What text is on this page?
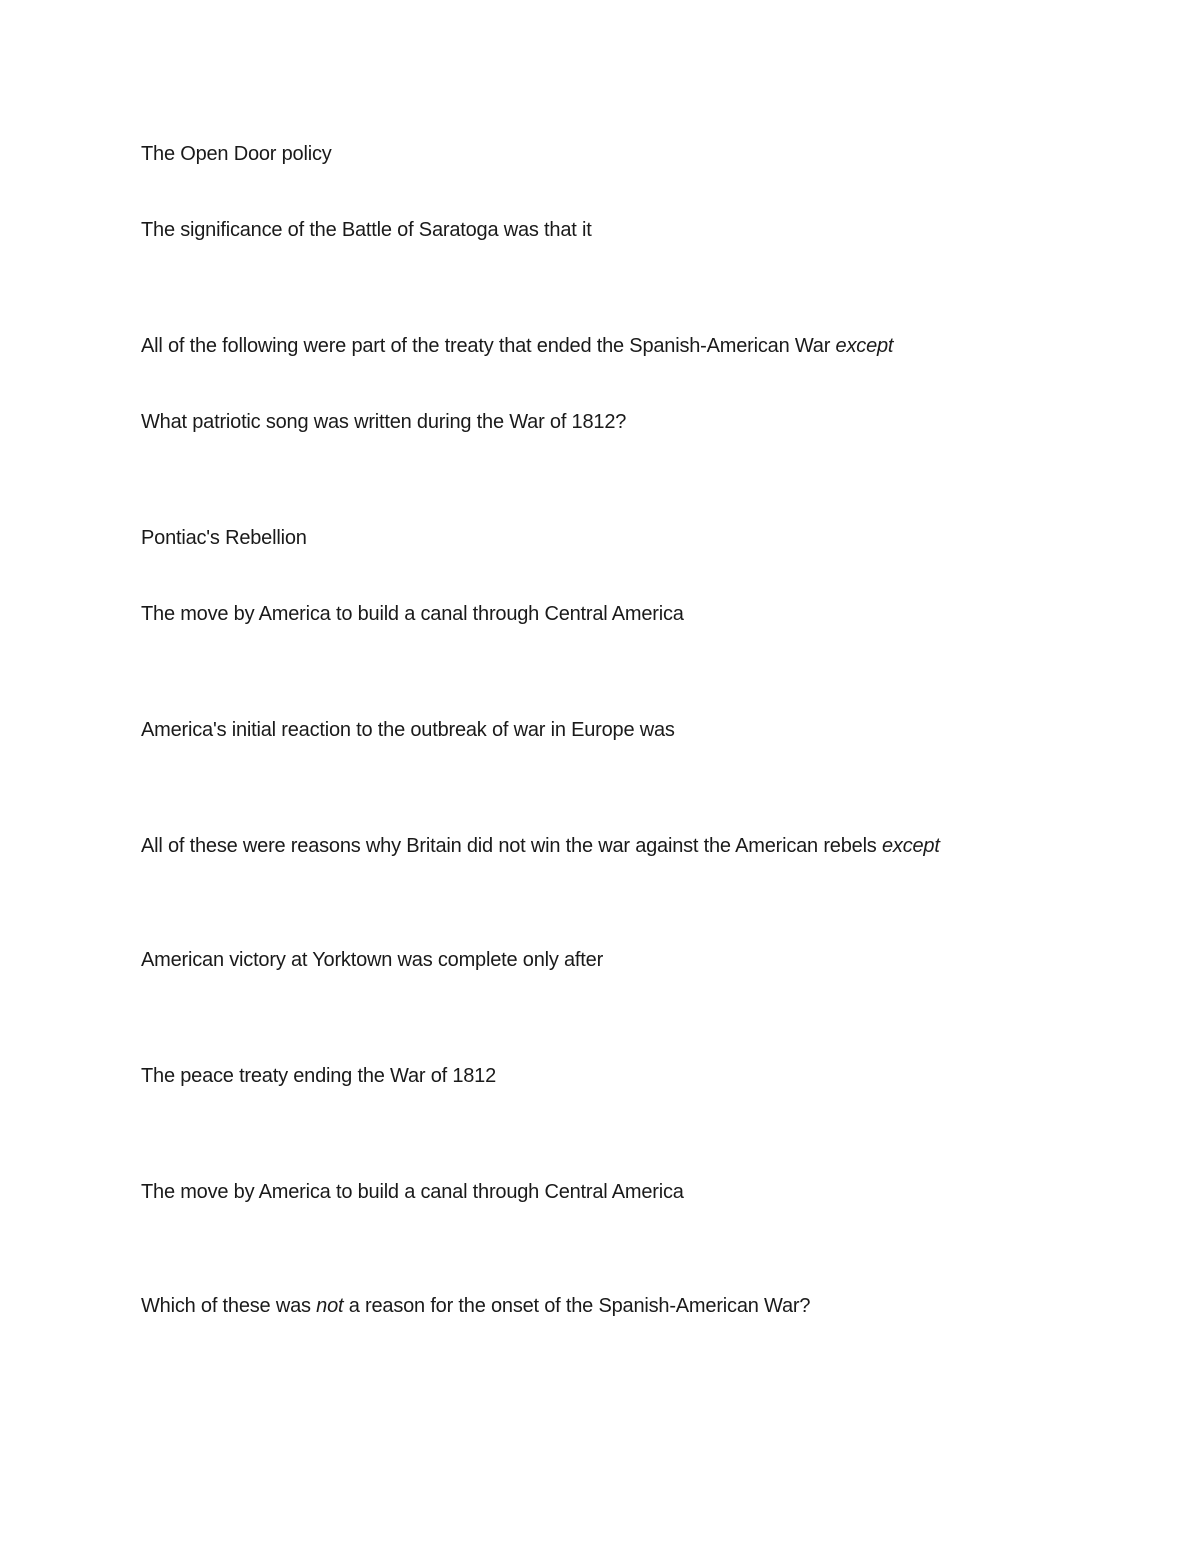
The Open Door policy
The significance of the Battle of Saratoga was that it
All of the following were part of the treaty that ended the Spanish-American War except
What patriotic song was written during the War of 1812?
Pontiac's Rebellion
The move by America to build a canal through Central America
America's initial reaction to the outbreak of war in Europe was
All of these were reasons why Britain did not win the war against the American rebels except
American victory at Yorktown was complete only after
The peace treaty ending the War of 1812
The move by America to build a canal through Central America
Which of these was not a reason for the onset of the Spanish-American War?
